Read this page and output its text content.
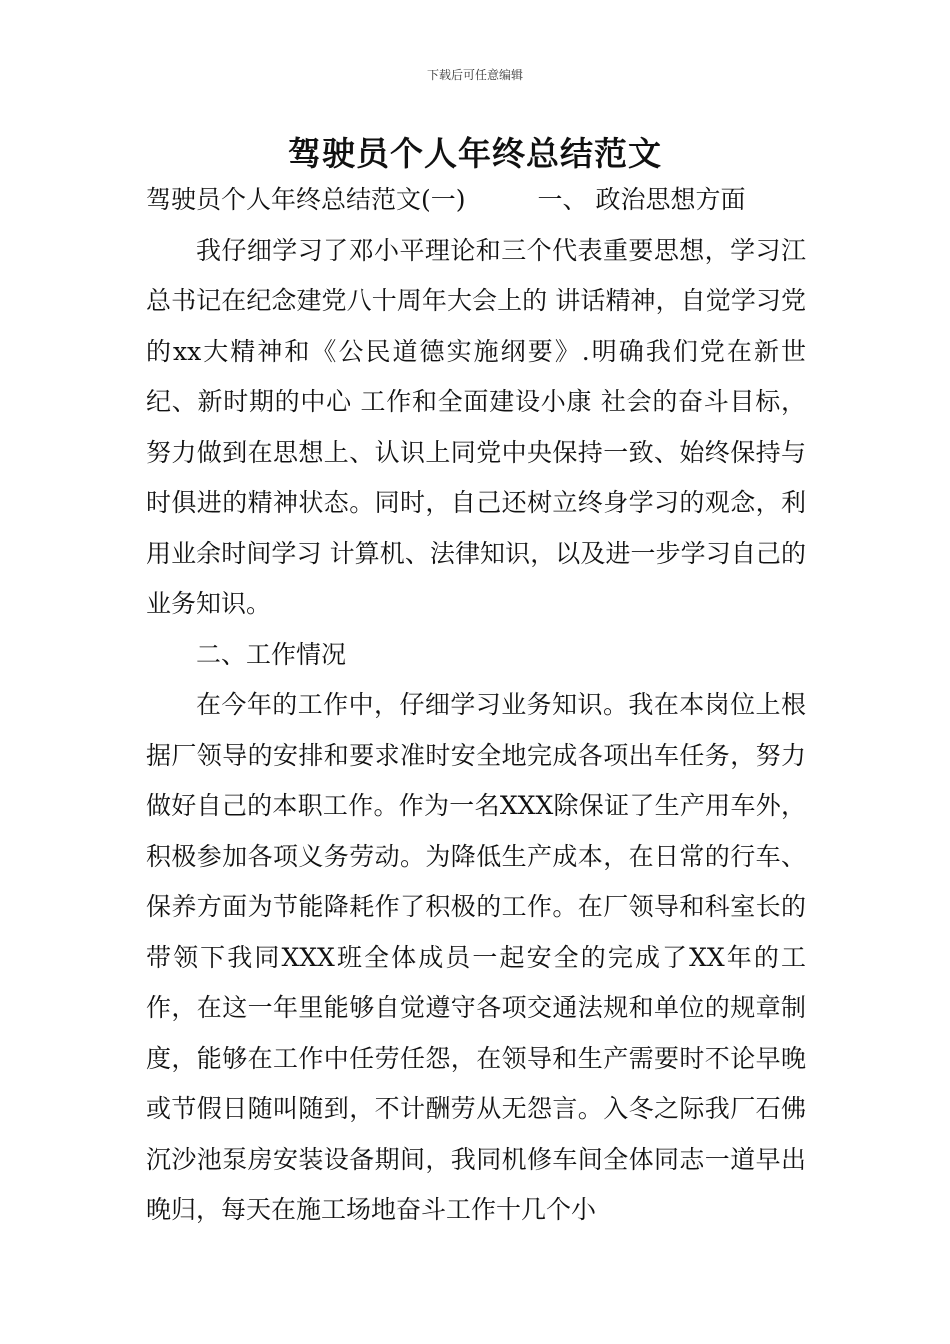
下载后可任意编辑
驾驶员个人年终总结范文

驾驶员个人年终总结范文(一)	一、 政治思想方面

我仔细学习了邓小平理论和三个代表重要思想，学习江总书记在纪念建党八十周年大会上的 讲话精神，自觉学习党的xx大精神和《公民道德实施纲要》.明确我们党在新世纪、新时期的中心 工作和全面建设小康 社会的奋斗目标，努力做到在思想上、认识上同党中央保持一致、始终保持与时俱进的精神状态。同时，自己还树立终身学习的观念，利用业余时间学习 计算机、法律知识，以及进一步学习自己的业务知识。

二、工作情况

在今年的工作中，仔细学习业务知识。我在本岗位上根据厂领导的安排和要求准时安全地完成各项出车任务，努力做好自己的本职工作。作为一名XXX除保证了生产用车外，积极参加各项义务劳动。为降低生产成本，在日常的行车、保养方面为节能降耗作了积极的工作。在厂领导和科室长的带领下我同XXX班全体成员一起安全的完成了XX年的工作，在这一年里能够自觉遵守各项交通法规和单位的规章制度，能够在工作中任劳任怨，在领导和生产需要时不论早晚或节假日随叫随到，不计酬劳从无怨言。入冬之际我厂石佛沉沙池泵房安装设备期间，我同机修车间全体同志一道早出晚归，每天在施工场地奋斗工作十几个小
